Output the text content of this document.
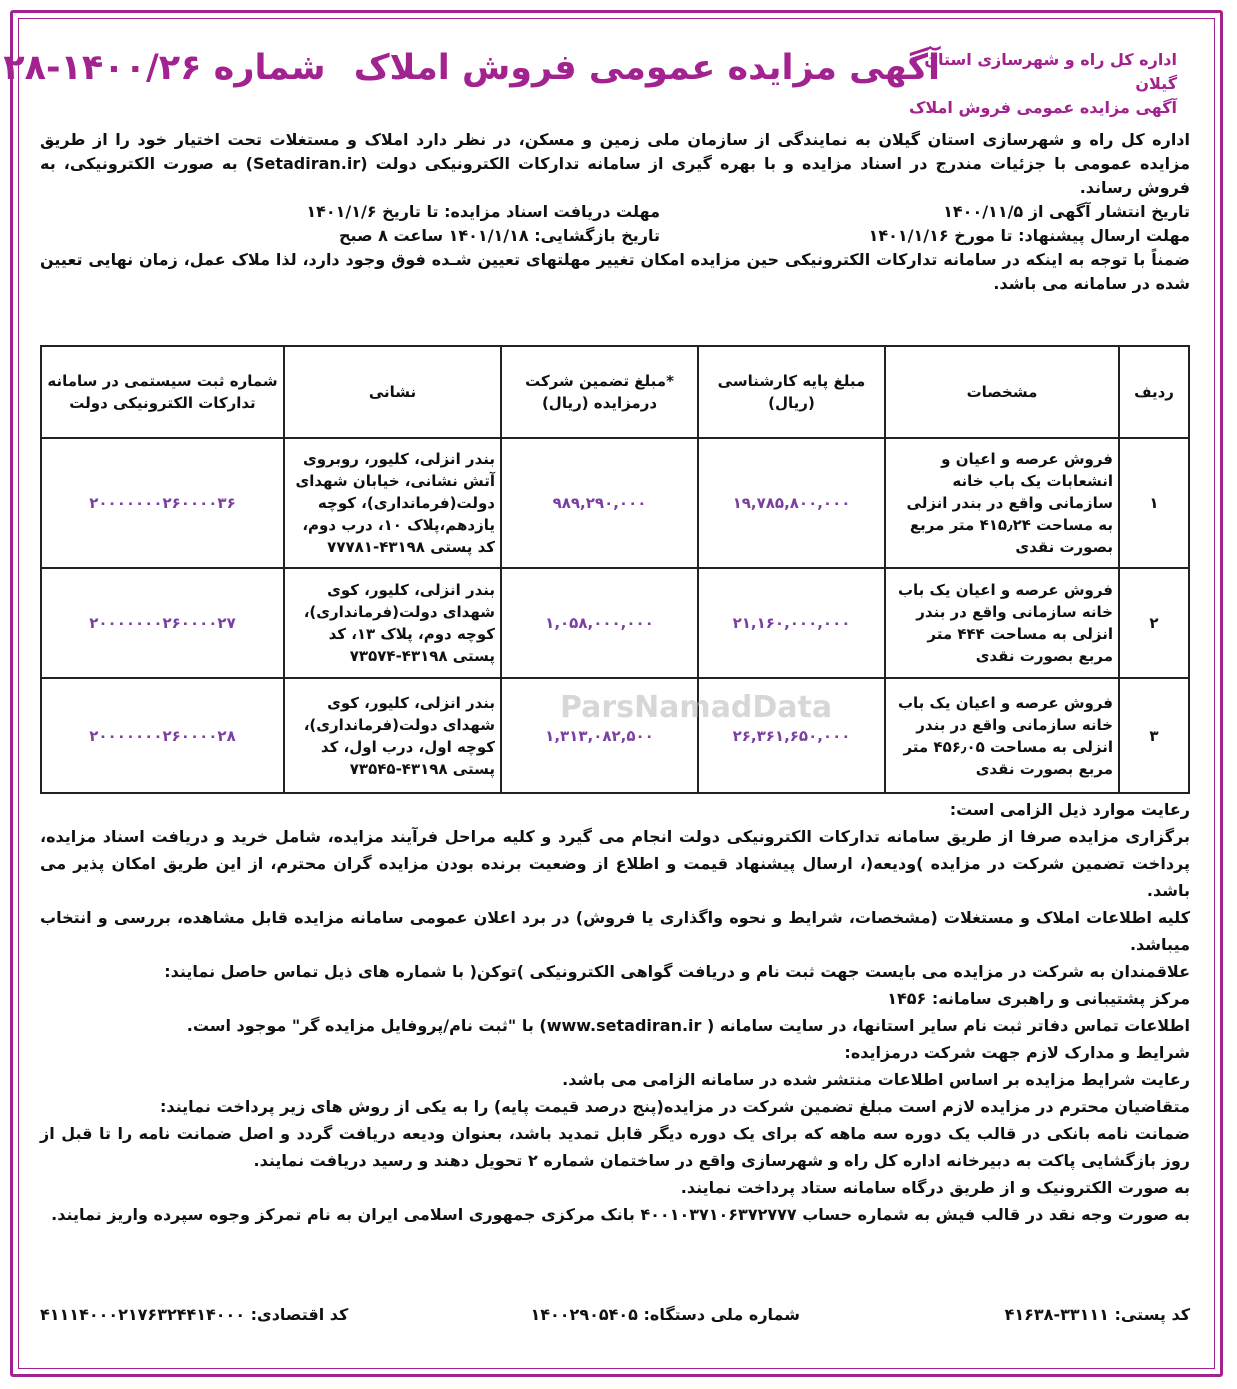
اداره کل راه و شهرسازی استان گیلان
آگهی مزایده عمومی فروش املاک
آگهی مزایده عمومی فروش املاک شماره ۱۴۰۰/۲۶-۲۸

اداره کل راه و شهرسازی استان گیلان به نمایندگی از سازمان ملی زمین و مسکن، در نظر دارد املاک و مستغلات تحت اختیار خود را از طریق مزایده عمومی با جزئیات مندرج در اسناد مزایده و با بهره گیری از سامانه تدارکات الکترونیکی دولت (Setadiran.ir) به صورت الکترونیکی، به فروش رساند.

تاریخ انتشار آگهی از ۱۴۰۰/۱۱/۵
مهلت دریافت اسناد مزایده: تا تاریخ ۱۴۰۱/۱/۶
مهلت ارسال پیشنهاد: تا مورخ ۱۴۰۱/۱/۱۶
تاریخ بازگشایی: ۱۴۰۱/۱/۱۸ ساعت ۸ صبح

ضمناً با توجه به اینکه در سامانه تدارکات الکترونیکی حین مزایده امکان تغییر مهلتهای تعیین شـده فوق وجود دارد، لذا ملاک عمل، زمان نهایی تعیین شده در سامانه می باشد.

ردیف	مشخصات	مبلغ پایه کارشناسی (ریال)	*مبلغ تضمین شرکت درمزایده (ریال)	نشانی	شماره ثبت سیستمی در سامانه تدارکات الکترونیکی دولت
۱	فروش عرصه و اعیان و انشعابات یک باب خانه سازمانی واقع در بندر انزلی به مساحت ۴۱۵٫۲۴ متر مربع بصورت نقدی	۱۹,۷۸۵,۸۰۰,۰۰۰	۹۸۹,۲۹۰,۰۰۰	بندر انزلی، کلیور، روبروی آتش نشانی، خیابان شهدای دولت(فرمانداری)، کوچه یازدهم،پلاک ۱۰، درب دوم، کد پستی ۴۳۱۹۸-۷۷۷۸۱	۲۰۰۰۰۰۰۰۲۶۰۰۰۰۳۶
۲	فروش عرصه و اعیان یک باب خانه سازمانی واقع در بندر انزلی به مساحت ۴۴۴ متر مربع بصورت نقدی	۲۱,۱۶۰,۰۰۰,۰۰۰	۱,۰۵۸,۰۰۰,۰۰۰	بندر انزلی، کلیور، کوی شهدای دولت(فرمانداری)، کوچه دوم، پلاک ۱۳، کد پستی ۴۳۱۹۸-۷۳۵۷۴	۲۰۰۰۰۰۰۰۲۶۰۰۰۰۲۷
۳	فروش عرصه و اعیان یک باب خانه سازمانی واقع در بندر انزلی به مساحت ۴۵۶٫۰۵ متر مربع بصورت نقدی	۲۶,۳۶۱,۶۵۰,۰۰۰	۱,۳۱۳,۰۸۲,۵۰۰	بندر انزلی، کلیور، کوی شهدای دولت(فرمانداری)، کوچه اول، درب اول، کد پستی ۴۳۱۹۸-۷۳۵۴۵	۲۰۰۰۰۰۰۰۲۶۰۰۰۰۲۸
ParsNamadData

رعایت موارد ذیل الزامی است:

برگزاری مزایده صرفا از طریق سامانه تدارکات الکترونیکی دولت انجام می گیرد و کلیه مراحل فرآیند مزایده، شامل خرید و دریافت اسناد مزایده، پرداخت تضمین شرکت در مزایده )ودیعه(، ارسال پیشنهاد قیمت و اطلاع از وضعیت برنده بودن مزایده گران محترم، از این طریق امکان پذیر می باشد.

کلیه اطلاعات املاک و مستغلات (مشخصات، شرایط و نحوه واگذاری یا فروش) در برد اعلان عمومی سامانه مزایده قابل مشاهده، بررسی و انتخاب میباشد.

علاقمندان به شرکت در مزایده می بایست جهت ثبت نام و دریافت گواهی الکترونیکی )توکن( با شماره های ذیل تماس حاصل نمایند:

مرکز پشتیبانی و راهبری سامانه: ۱۴۵۶

اطلاعات تماس دفاتر ثبت نام سایر استانها، در سایت سامانه ( www.setadiran.ir) با "ثبت نام/پروفایل مزایده گر" موجود است.

شرایط و مدارک لازم جهت شرکت درمزایده:

رعایت شرایط مزایده بر اساس اطلاعات منتشر شده در سامانه الزامی می باشد.

متقاضیان محترم در مزایده لازم است مبلغ تضمین شرکت در مزایده(پنج درصد قیمت پایه) را به یکی از روش های زیر پرداخت نمایند:

ضمانت نامه بانکی در قالب یک دوره سه ماهه که برای یک دوره دیگر قابل تمدید باشد، بعنوان ودیعه دریافت گردد و اصل ضمانت نامه را تا قبل از روز بازگشایی پاکت به دبیرخانه اداره کل راه و شهرسازی واقع در ساختمان شماره ۲ تحویل دهند و رسید دریافت نمایند.

به صورت الکترونیک و از طریق درگاه سامانه ستاد پرداخت نمایند.

به صورت وجه نقد در قالب فیش به شماره حساب ۴۰۰۱۰۳۷۱۰۶۳۷۲۷۷۷ بانک مرکزی جمهوری اسلامی ایران به نام تمرکز وجوه سپرده واریز نمایند.

کد پستی: ۳۳۱۱۱-۴۱۶۳۸
شماره ملی دستگاه: ۱۴۰۰۲۹۰۵۴۰۵
کد اقتصادی: ۴۱۱۱۴۰۰۰۲۱۷۶۳۲۴۴۱۴۰۰۰
